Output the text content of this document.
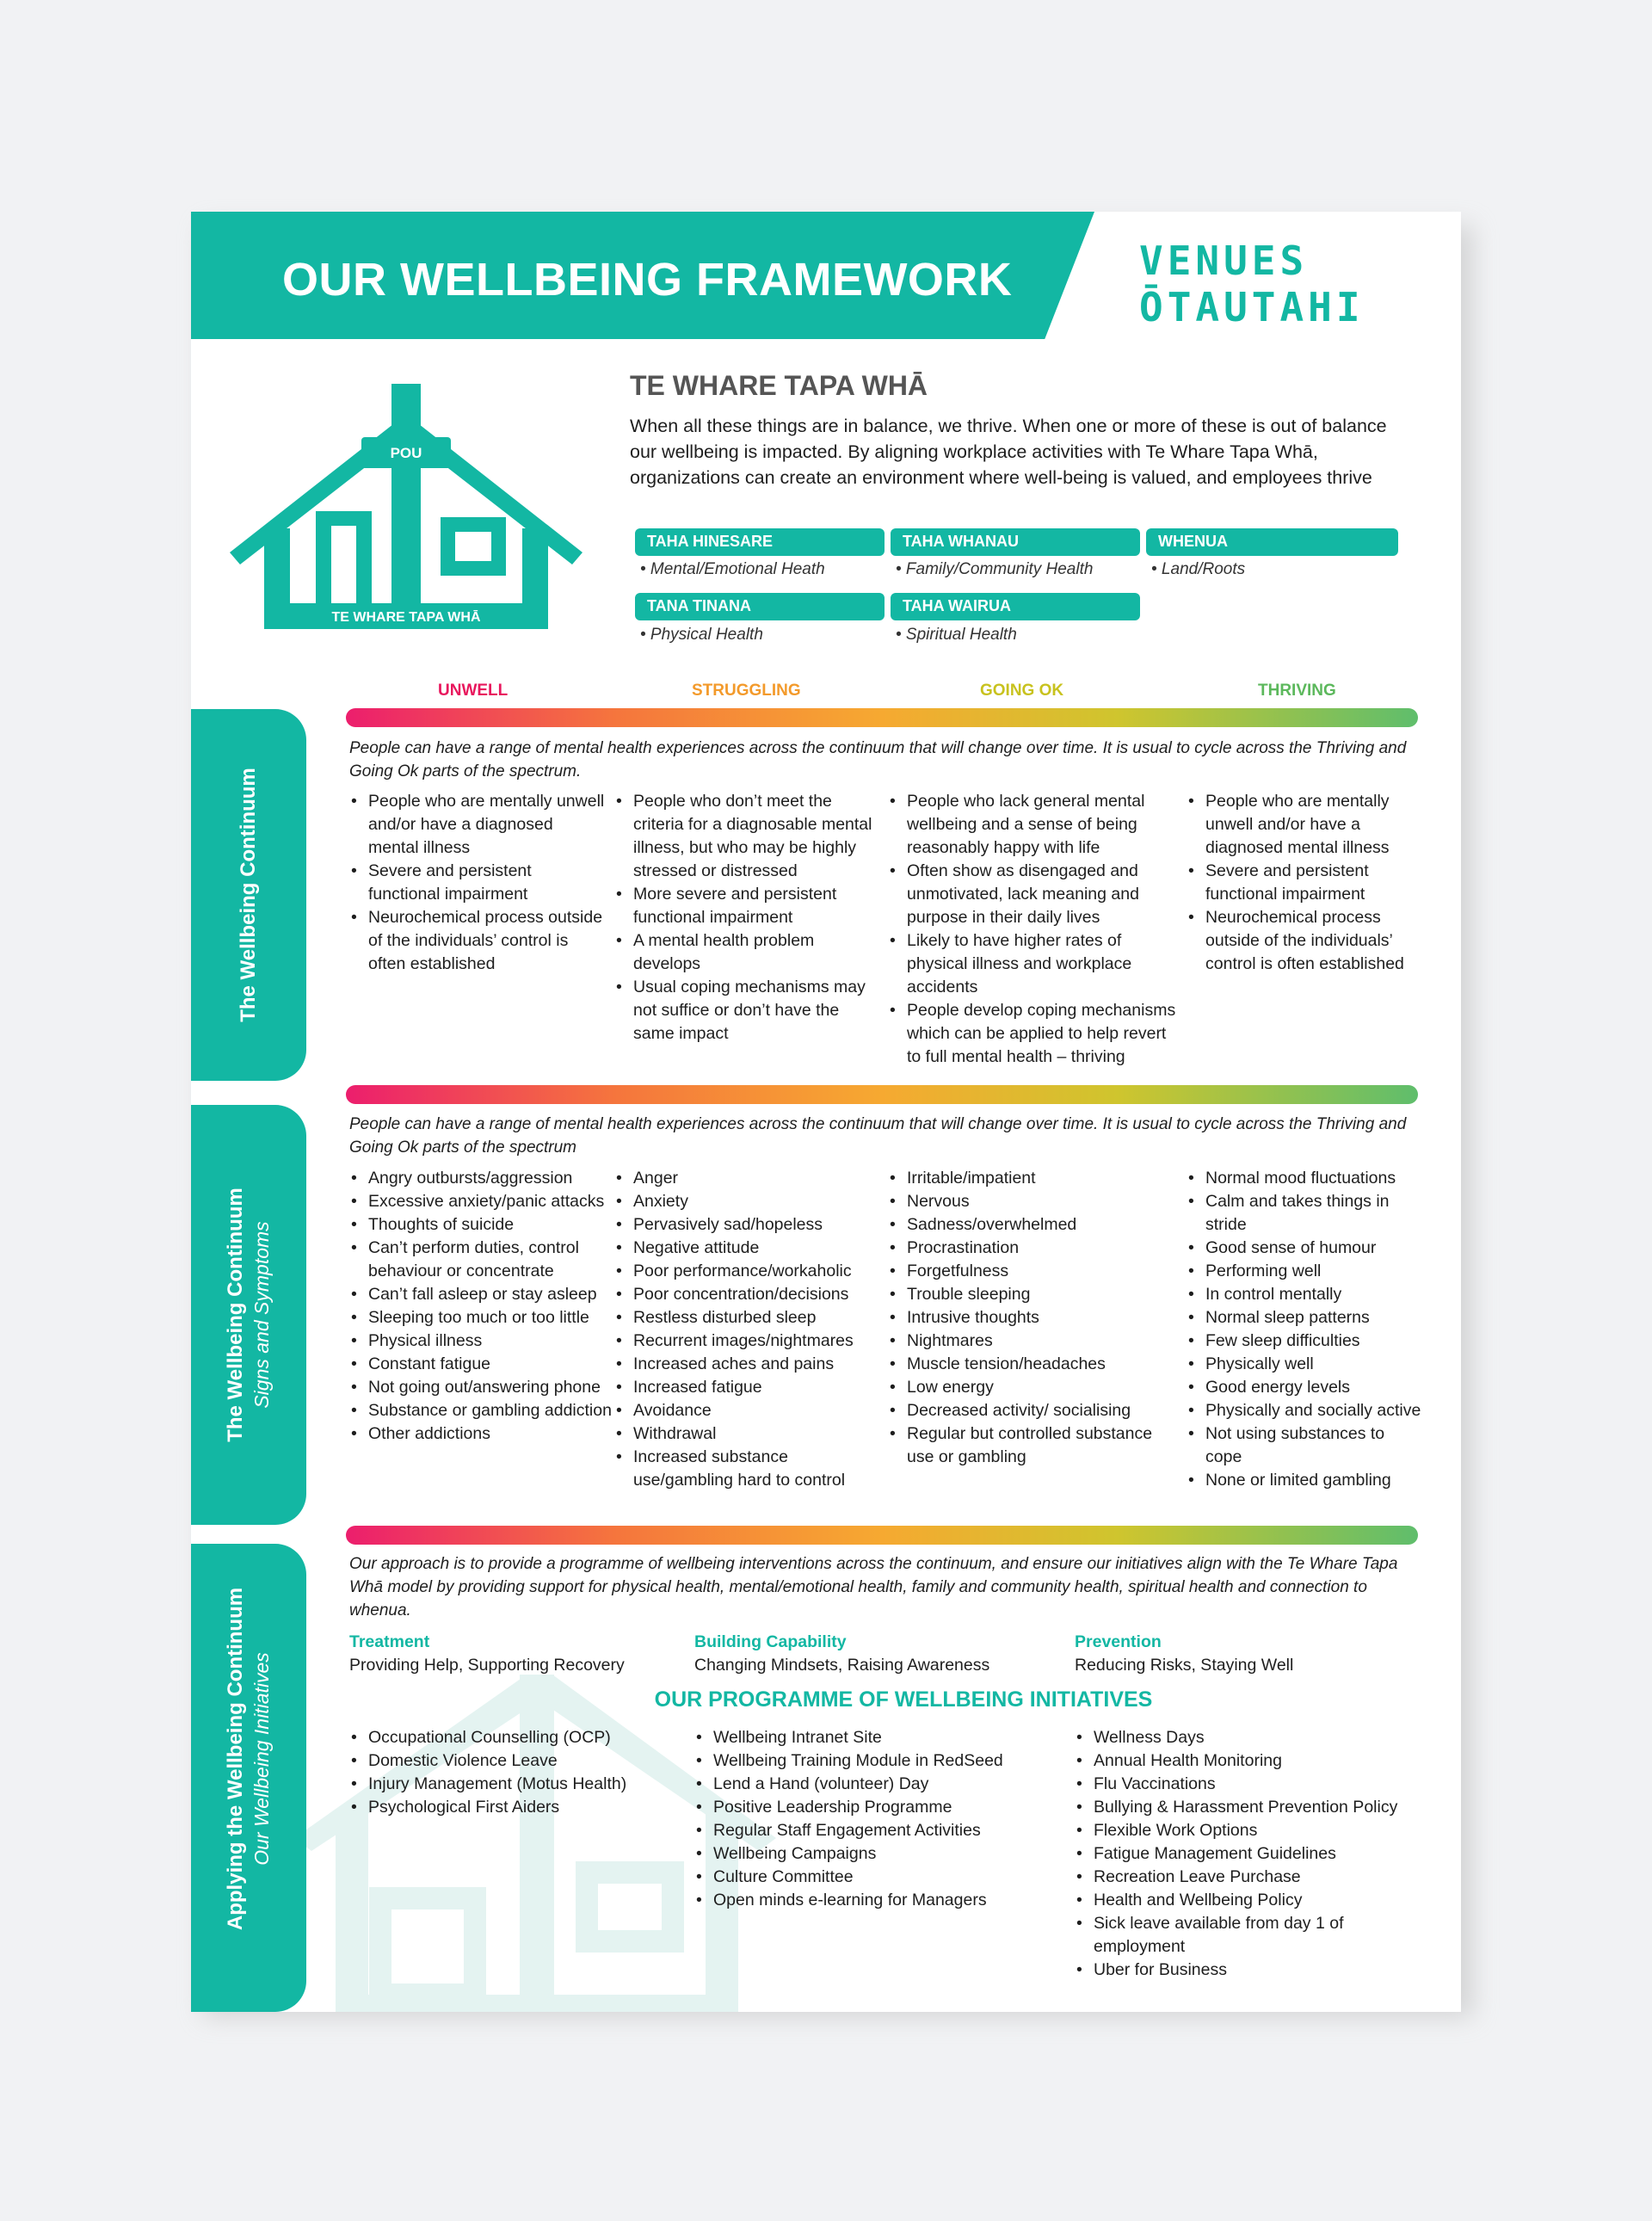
OUR WELLBEING FRAMEWORK	VENUES
ŌTAUTAHI
POU
TE WHARE TAPA WHĀ
TE WHARE TAPA WHĀ
When all these things are in balance, we thrive. When one or more of these is out of balance our wellbeing is impacted. By aligning workplace activities with Te Whare Tapa Whā, organizations can create an environment where well-being is valued, and employees thrive
TAHA HINESARE
• Mental/Emotional Heath
TAHA WHANAU
• Family/Community Health
WHENUA
• Land/Roots
TANA TINANA
• Physical Health
TAHA WAIRUA
• Spiritual Health
UNWELL	STRUGGLING	GOING OK	THRIVING
The Wellbeing Continuum
People can have a range of mental health experiences across the continuum that will change over time. It is usual to cycle across the Thriving and Going Ok parts of the spectrum.
• People who are mentally unwell and/or have a diagnosed mental illness
• Severe and persistent functional impairment
• Neurochemical process outside of the individuals’ control is often established
• People who don’t meet the criteria for a diagnosable mental illness, but who may be highly stressed or distressed
• More severe and persistent functional impairment
• A mental health problem develops
• Usual coping mechanisms may not suffice or don’t have the same impact
• People who lack general mental wellbeing and a sense of being reasonably happy with life
• Often show as disengaged and unmotivated, lack meaning and purpose in their daily lives
• Likely to have higher rates of physical illness and workplace accidents
• People develop coping mechanisms which can be applied to help revert to full mental health – thriving
• People who are mentally unwell and/or have a diagnosed mental illness
• Severe and persistent functional impairment
• Neurochemical process outside of the individuals’ control is often established
The Wellbeing Continuum Signs and Symptoms
People can have a range of mental health experiences across the continuum that will change over time. It is usual to cycle across the Thriving and Going Ok parts of the spectrum
• Angry outbursts/aggression
• Excessive anxiety/panic attacks
• Thoughts of suicide
• Can’t perform duties, control behaviour or concentrate
• Can’t fall asleep or stay asleep
• Sleeping too much or too little
• Physical illness
• Constant fatigue
• Not going out/answering phone
• Substance or gambling addiction
• Other addictions
• Anger
• Anxiety
• Pervasively sad/hopeless
• Negative attitude
• Poor performance/workaholic
• Poor concentration/decisions
• Restless disturbed sleep
• Recurrent images/nightmares
• Increased aches and pains
• Increased fatigue
• Avoidance
• Withdrawal
• Increased substance use/gambling hard to control
• Irritable/impatient
• Nervous
• Sadness/overwhelmed
• Procrastination
• Forgetfulness
• Trouble sleeping
• Intrusive thoughts
• Nightmares
• Muscle tension/headaches
• Low energy
• Decreased activity/ socialising
• Regular but controlled substance use or gambling
• Normal mood fluctuations
• Calm and takes things in stride
• Good sense of humour
• Performing well
• In control mentally
• Normal sleep patterns
• Few sleep difficulties
• Physically well
• Good energy levels
• Physically and socially active
• Not using substances to cope
• None or limited gambling
Applying the Wellbeing Continuum Our Wellbeing Initiatives
Our approach is to provide a programme of wellbeing interventions across the continuum, and ensure our initiatives align with the Te Whare Tapa Whā model by providing support for physical health, mental/emotional health, family and community health, spiritual health and connection to whenua.
Treatment
Providing Help, Supporting Recovery
Building Capability
Changing Mindsets, Raising Awareness
Prevention
Reducing Risks, Staying Well
OUR PROGRAMME OF WELLBEING INITIATIVES
• Occupational Counselling (OCP)
• Domestic Violence Leave
• Injury Management (Motus Health)
• Psychological First Aiders
• Wellbeing Intranet Site
• Wellbeing Training Module in RedSeed
• Lend a Hand (volunteer) Day
• Positive Leadership Programme
• Regular Staff Engagement Activities
• Wellbeing Campaigns
• Culture Committee
• Open minds e-learning for Managers
• Wellness Days
• Annual Health Monitoring
• Flu Vaccinations
• Bullying & Harassment Prevention Policy
• Flexible Work Options
• Fatigue Management Guidelines
• Recreation Leave Purchase
• Health and Wellbeing Policy
• Sick leave available from day 1 of employment
• Uber for Business
